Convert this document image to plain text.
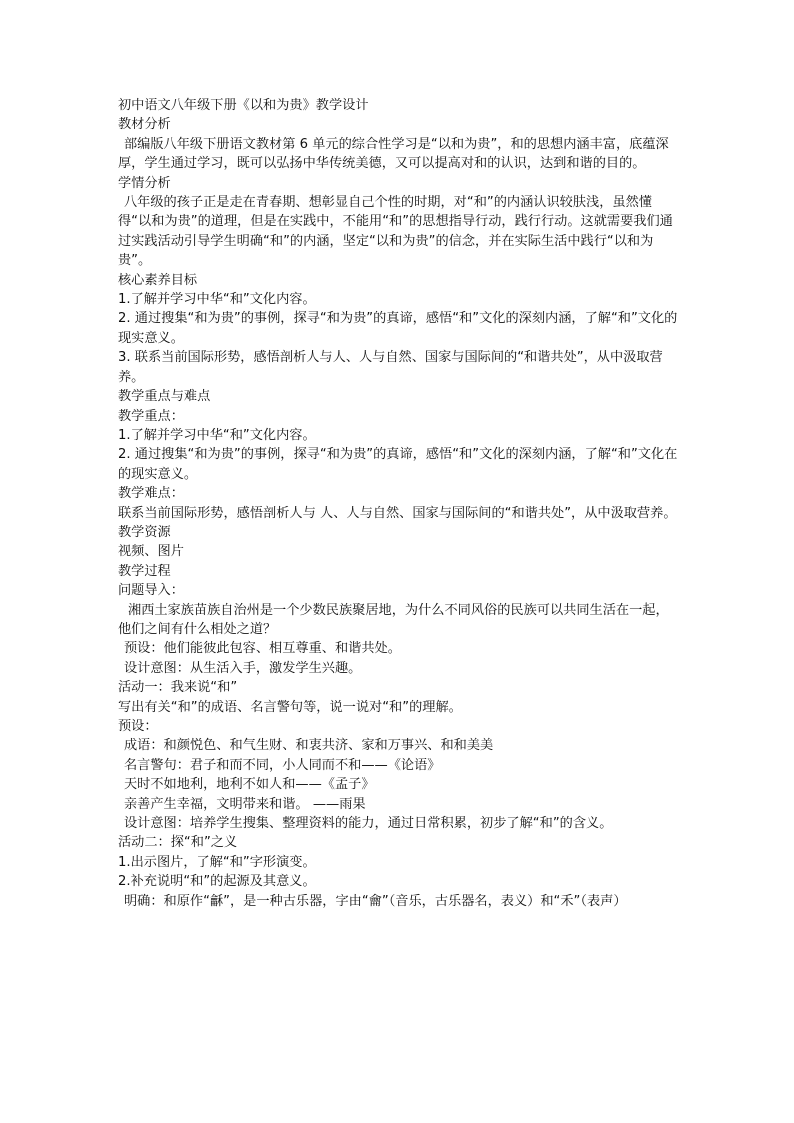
初中语文八年级下册《以和为贵》教学设计
教材分析
部编版八年级下册语文教材第 6 单元的综合性学习是“以和为贵”，和的思想内涵丰富，底蕴深厚，学生通过学习，既可以弘扬中华传统美德，又可以提高对和的认识，达到和谐的目的。
学情分析
八年级的孩子正是走在青春期、想彰显自己个性的时期，对“和”的内涵认识较肤浅，虽然懂得“以和为贵”的道理，但是在实践中，不能用“和”的思想指导行动，践行行动。这就需要我们通过实践活动引导学生明确“和”的内涵，坚定“以和为贵”的信念，并在实际生活中践行“以和为贵”。
核心素养目标
1.了解并学习中华“和”文化内容。
2. 通过搜集“和为贵”的事例，探寻“和为贵”的真谛，感悟“和”文化的深刻内涵，了解“和”文化的现实意义。
3. 联系当前国际形势，感悟剖析人与人、人与自然、国家与国际间的“和谐共处”，从中汲取营养。
教学重点与难点
教学重点：
1.了解并学习中华“和”文化内容。
2. 通过搜集“和为贵”的事例，探寻“和为贵”的真谛，感悟“和”文化的深刻内涵，了解“和”文化在的现实意义。
教学难点：
联系当前国际形势，感悟剖析人与 人、人与自然、国家与国际间的“和谐共处”，从中汲取营养。
教学资源
视频、图片
教学过程
问题导入：
湘西土家族苗族自治州是一个少数民族聚居地，为什么不同风俗的民族可以共同生活在一起，他们之间有什么相处之道？
预设：他们能彼此包容、相互尊重、和谐共处。
设计意图：从生活入手，激发学生兴趣。
活动一：我来说“和”
写出有关“和”的成语、名言警句等，说一说对“和”的理解。
预设：
成语：和颜悦色、和气生财、和衷共济、家和万事兴、和和美美
名言警句：君子和而不同，小人同而不和——《论语》
天时不如地利，地利不如人和——《孟子》
亲善产生幸福，文明带来和谐。 ——雨果
设计意图：培养学生搜集、整理资料的能力，通过日常积累，初步了解“和”的含义。
活动二：探“和”之义
1.出示图片，了解“和”字形演变。
2.补充说明“和”的起源及其意义。
明确：和原作“龢”，是一种古乐器，字由“龠”（音乐，古乐器名，表义）和“禾”（表声）
